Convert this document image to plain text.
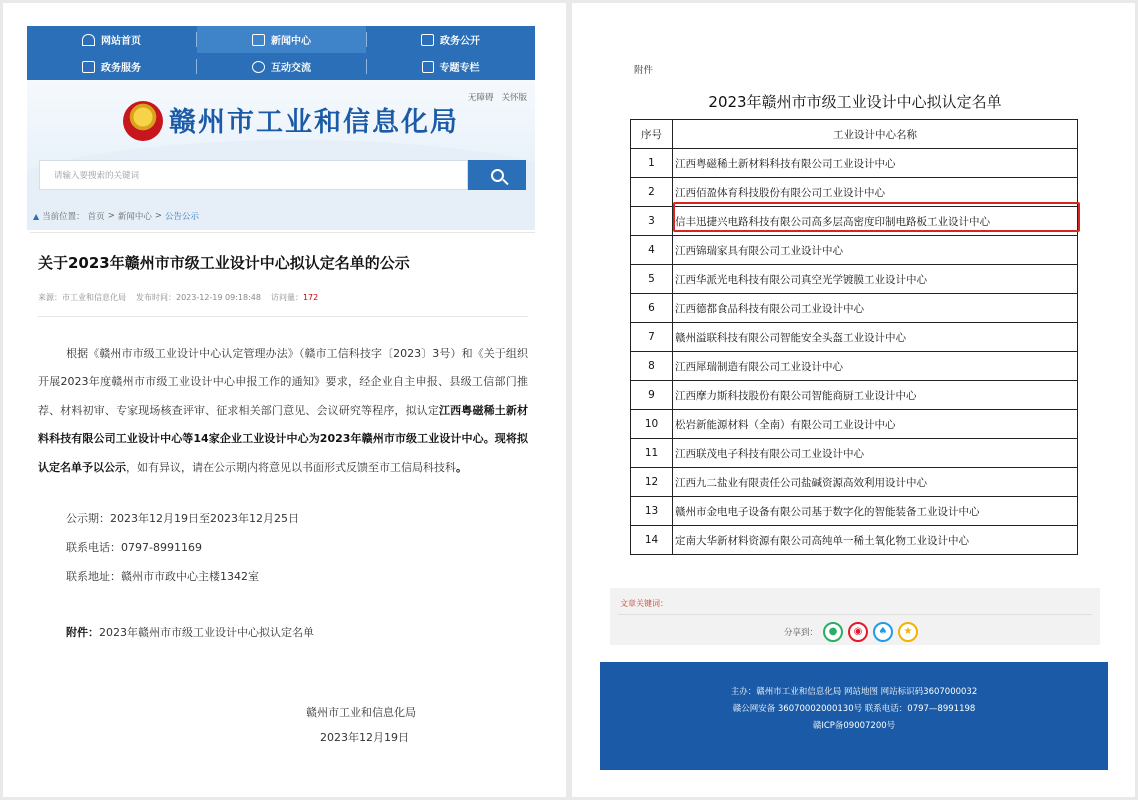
网站首页	新闻中心	政务公开
政务服务	互动交流	专题专栏
无障碍 关怀版
赣州市工业和信息化局
请输入要搜索的关键词
▲ 当前位置： 首页 > 新闻中心 > 公告公示
关于2023年赣州市市级工业设计中心拟认定名单的公示
来源：市工业和信息化局 发布时间：2023-12-19 09:18:48 访问量：172
根据《赣州市市级工业设计中心认定管理办法》（赣市工信科技字〔2023〕3号）和《关于组织开展2023年度赣州市市级工业设计中心申报工作的通知》要求，经企业自主申报、县级工信部门推荐、材料初审、专家现场核查评审、征求相关部门意见、会议研究等程序，拟认定江西粤磁稀土新材料科技有限公司工业设计中心等14家企业工业设计中心为2023年赣州市市级工业设计中心。现将拟认定名单予以公示，如有异议，请在公示期内将意见以书面形式反馈至市工信局科技科。
公示期：2023年12月19日至2023年12月25日
联系电话：0797-8991169
联系地址：赣州市市政中心主楼1342室
附件：2023年赣州市市级工业设计中心拟认定名单
赣州市工业和信息化局
2023年12月19日
附件
2023年赣州市市级工业设计中心拟认定名单
序号	工业设计中心名称
1	江西粤磁稀土新材料科技有限公司工业设计中心
2	江西佰盈体育科技股份有限公司工业设计中心
3	信丰迅捷兴电路科技有限公司高多层高密度印制电路板工业设计中心
4	江西锦瑞家具有限公司工业设计中心
5	江西华派光电科技有限公司真空光学镀膜工业设计中心
6	江西德都食品科技有限公司工业设计中心
7	赣州溢联科技有限公司智能安全头盔工业设计中心
8	江西犀瑞制造有限公司工业设计中心
9	江西摩力斯科技股份有限公司智能商厨工业设计中心
10	松岩新能源材料（全南）有限公司工业设计中心
11	江西联茂电子科技有限公司工业设计中心
12	江西九二盐业有限责任公司盐碱资源高效利用设计中心
13	赣州市金电电子设备有限公司基于数字化的智能装备工业设计中心
14	定南大华新材料资源有限公司高纯单一稀土氧化物工业设计中心
文章关键词：
分享到：	●	◉	♠	★
主办：赣州市工业和信息化局 网站地图 网站标识码3607000032
赣公网安备 36070002000130号 联系电话：0797—8991198
赣ICP备09007200号
